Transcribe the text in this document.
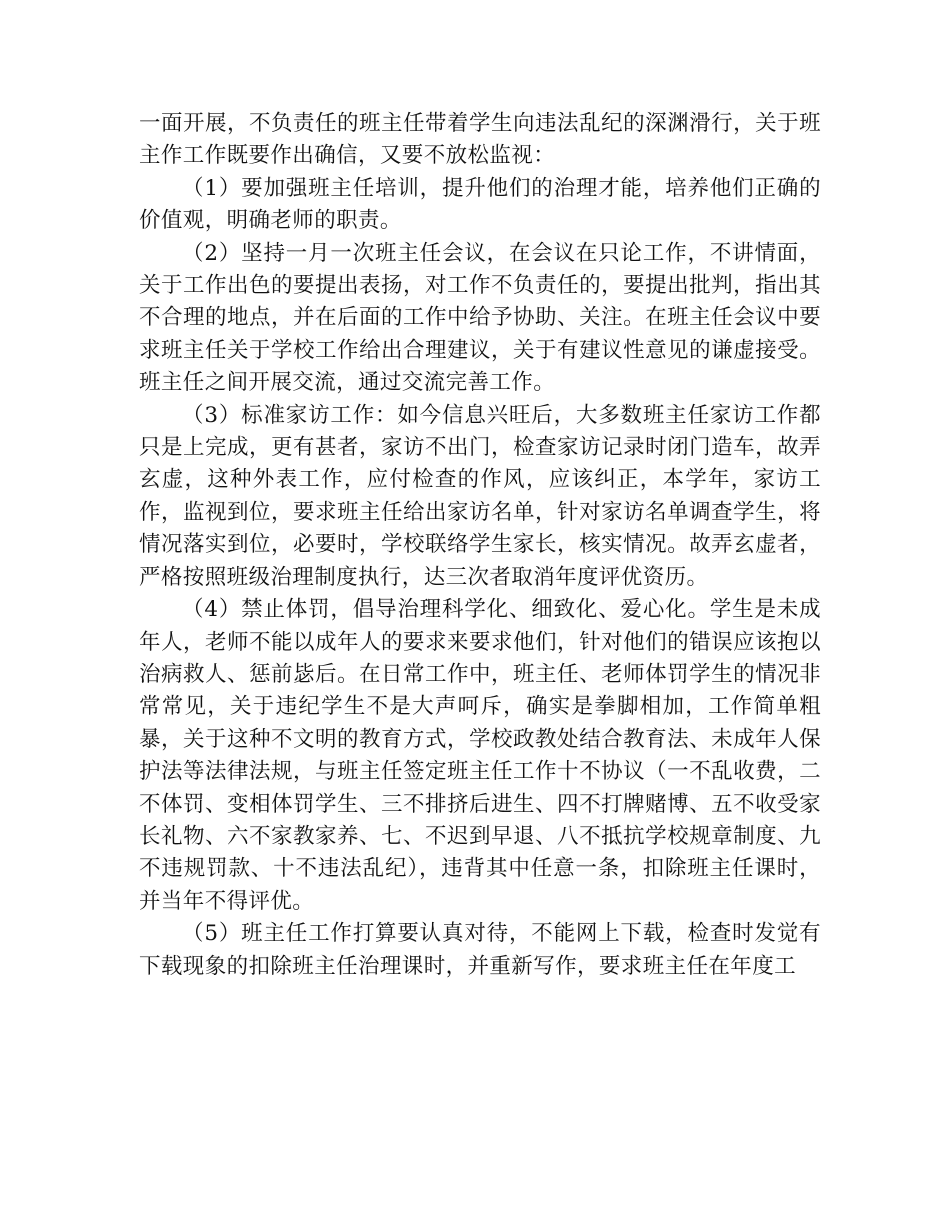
一面开展，不负责任的班主任带着学生向违法乱纪的深渊滑行，关于班主作工作既要作出确信，又要不放松监视：

（1）要加强班主任培训，提升他们的治理才能，培养他们正确的价值观，明确老师的职责。

（2）坚持一月一次班主任会议，在会议在只论工作，不讲情面，关于工作出色的要提出表扬，对工作不负责任的，要提出批判，指出其不合理的地点，并在后面的工作中给予协助、关注。在班主任会议中要求班主任关于学校工作给出合理建议，关于有建议性意见的谦虚接受。班主任之间开展交流，通过交流完善工作。

（3）标准家访工作：如今信息兴旺后，大多数班主任家访工作都只是上完成，更有甚者，家访不出门，检查家访记录时闭门造车，故弄玄虚，这种外表工作，应付检查的作风，应该纠正，本学年，家访工作，监视到位，要求班主任给出家访名单，针对家访名单调查学生，将情况落实到位，必要时，学校联络学生家长，核实情况。故弄玄虚者，严格按照班级治理制度执行，达三次者取消年度评优资历。

（4）禁止体罚，倡导治理科学化、细致化、爱心化。学生是未成年人，老师不能以成年人的要求来要求他们，针对他们的错误应该抱以治病救人、惩前毖后。在日常工作中，班主任、老师体罚学生的情况非常常见，关于违纪学生不是大声呵斥，确实是拳脚相加，工作简单粗暴，关于这种不文明的教育方式，学校政教处结合教育法、未成年人保护法等法律法规，与班主任签定班主任工作十不协议（一不乱收费，二不体罚、变相体罚学生、三不排挤后进生、四不打牌赌博、五不收受家长礼物、六不家教家养、七、不迟到早退、八不抵抗学校规章制度、九不违规罚款、十不违法乱纪），违背其中任意一条，扣除班主任课时，并当年不得评优。

（5）班主任工作打算要认真对待，不能网上下载，检查时发觉有下载现象的扣除班主任治理课时，并重新写作，要求班主任在年度工
